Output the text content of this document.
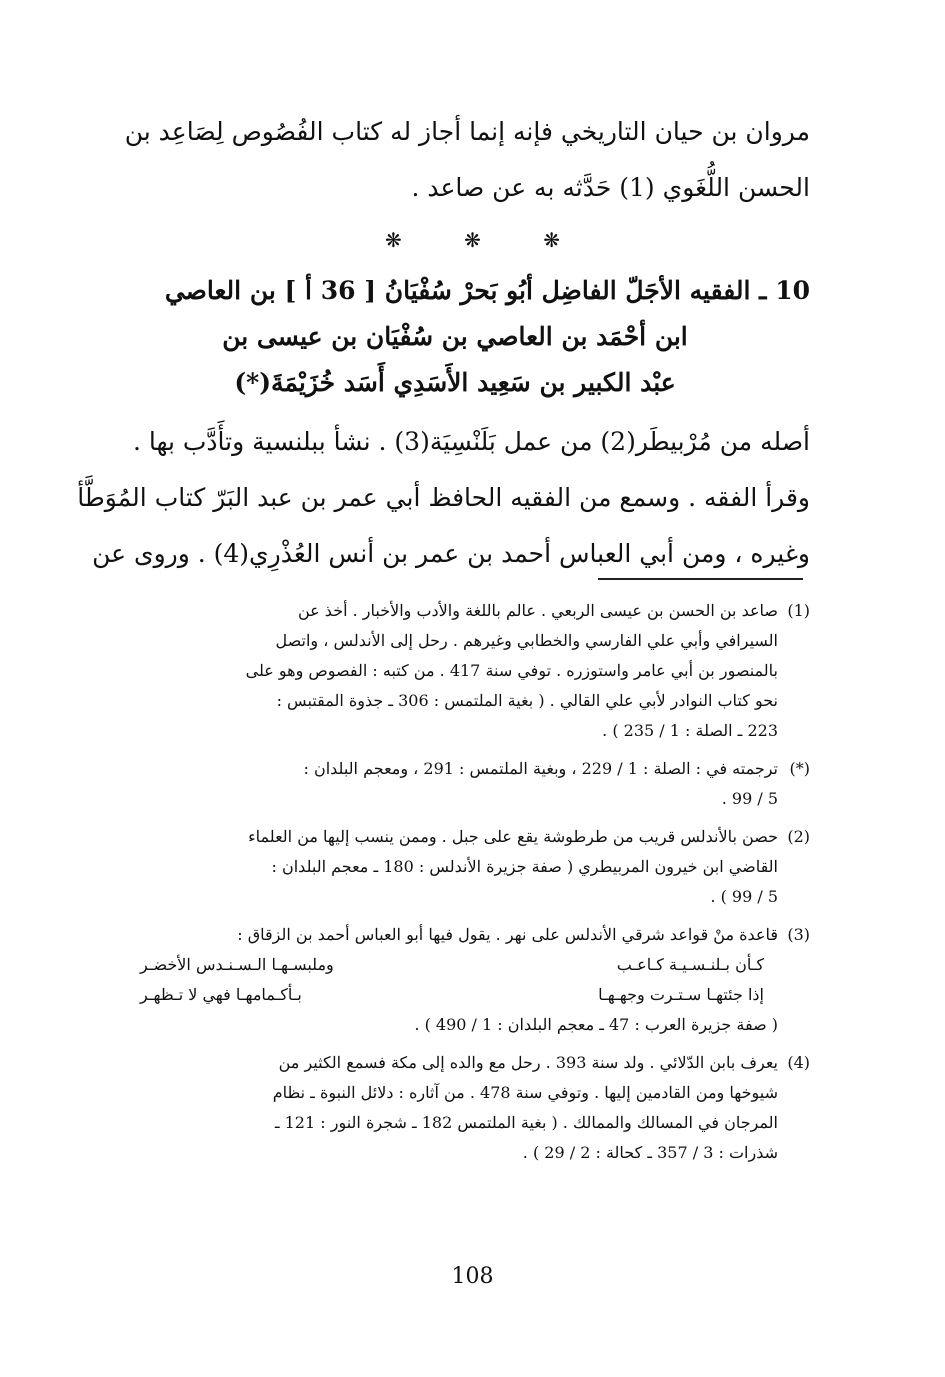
مروان بن حيان التاريخي فإنه إنما أجاز له كتاب الفُصُوص لِصَاعِد بن
الحسن اللُّغَوي (1) حَدَّثه به عن صاعد .
❋	❋	❋
10 ـ الفقيه الأجَلّ الفاضِل أبُو بَحرْ سُفْيَانُ [ 36 أ ] بن العاصي
ابن أحْمَد بن العاصي بن سُفْيَان بن عيسى بن
عبْد الكبير بن سَعِيد الأَسَدِي أَسَد خُزَيْمَةَ(*)
أصله من مُرْبيطَر(2) من عمل بَلَنْسِيَة(3) . نشأ ببلنسية وتأَدَّب بها .
وقرأ الفقه . وسمع من الفقيه الحافظ أبي عمر بن عبد البَرّ كتاب المُوَطَّأ
وغيره ، ومن أبي العباس أحمد بن عمر بن أنس العُذْرِي(4) . وروى عن
(1)
صاعد بن الحسن بن عيسى الربعي . عالم باللغة والأدب والأخبار . أخذ عن
السيرافي وأبي علي الفارسي والخطابي وغيرهم . رحل إلى الأندلس ، واتصل
بالمنصور بن أبي عامر واستوزره . توفي سنة 417 . من كتبه : الفصوص وهو على
نحو كتاب النوادر لأبي علي القالي . ( بغية الملتمس : 306 ـ جذوة المقتبس :
223 ـ الصلة : 1 / 235 ) .
(*)
ترجمته في : الصلة : 1 / 229 ، وبغية الملتمس : 291 ، ومعجم البلدان :
5 / 99 .
(2)
حصن بالأندلس قريب من طرطوشة يقع على جبل . وممن ينسب إليها من العلماء
القاضي ابن خيرون المربيطري ( صفة جزيرة الأندلس : 180 ـ معجم البلدان :
5 / 99 ) .
(3)
قاعدة منْ قواعد شرقي الأندلس على نهر . يقول فيها أبو العباس أحمد بن الزقاق :
كـأن بـلنـسـيـة كـاعـب
وملبسـهـا الـسـنـدس الأخضـر
إذا جئتهـا سـتـرت وجهـهـا
بـأكـمامهـا فهي لا تـظهـر
( صفة جزيرة العرب : 47 ـ معجم البلدان : 1 / 490 ) .
(4)
يعرف بابن الدّلائي . ولد سنة 393 . رحل مع والده إلى مكة فسمع الكثير من
شيوخها ومن القادمين إليها . وتوفي سنة 478 . من آثاره : دلائل النبوة ـ نظام
المرجان في المسالك والممالك . ( بغية الملتمس 182 ـ شجرة النور : 121 ـ
شذرات : 3 / 357 ـ كحالة : 2 / 29 ) .
108
